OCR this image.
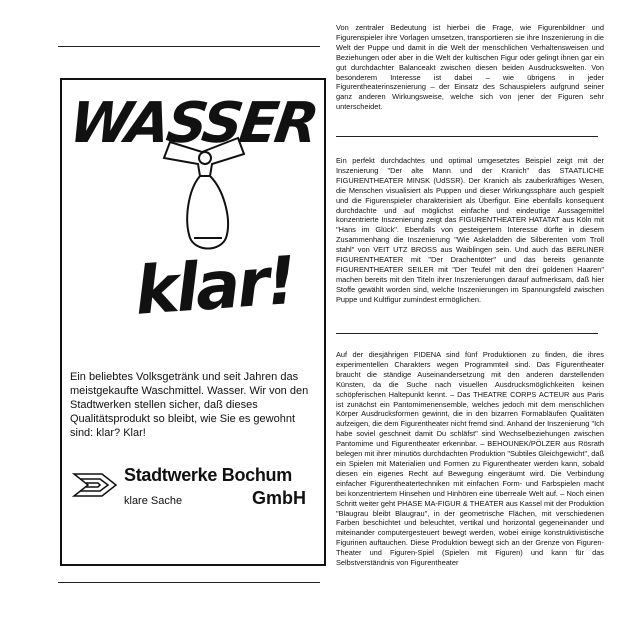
WASSER
klar!
Ein beliebtes Volksgetränk und seit Jahren das meistgekaufte Waschmittel. Wasser. Wir von den Stadtwerken stellen sicher, daß dieses Qualitätsprodukt so bleibt, wie Sie es gewohnt sind: klar? Klar!
Stadtwerke Bochum
GmbH
klare Sache
Von zentraler Bedeutung ist hierbei die Frage, wie Figurenbildner und Figurenspieler ihre Vorlagen umsetzen, transportieren sie ihre Inszenierung in die Welt der Puppe und damit in die Welt der menschlichen Verhaltensweisen und Beziehungen oder aber in die Welt der kultischen Figur oder gelingt ihnen gar ein gut durchdachter Balanceakt zwischen diesen beiden Ausdruckswelten. Von besonderem Interesse ist dabei – wie übrigens in jeder Figurentheaterinszenierung – der Einsatz des Schauspielers aufgrund seiner ganz anderen Wirkungsweise, welche sich von jener der Figuren sehr unterscheidet.
Ein perfekt durchdachtes und optimal umgesetztes Beispiel zeigt mit der Inszenierung "Der alte Mann und der Kranich" das STAATLICHE FIGURENTHEATER MINSK (UdSSR). Der Kranich als zauberkräftiges Wesen, die Menschen visualisiert als Puppen und dieser Wirkungssphäre auch gespielt und die Figurenspieler charakterisiert als Überfigur. Eine ebenfalls konsequent durchdachte und auf möglichst einfache und eindeutige Aussagemittel konzentrierte Inszenierung zeigt das FIGURENTHEATER HATATAT aus Köln mit "Hans im Glück". Ebenfalls von gesteigertem Interesse dürfte in diesem Zusammenhang die Inszenierung "Wie Askeladden die Silberenten vom Troll stahl" von VEIT UTZ BROSS aus Waiblingen sein. Und auch das BERLINER FIGURENTHEATER mit "Der Drachentöter" und das bereits genannte FIGURENTHEATER SEILER mit "Der Teufel mit den drei goldenen Haaren" machen bereits mit den Titeln ihrer Inszenierungen darauf aufmerksam, daß hier Stoffe gewählt worden sind, welche Inszenierungen im Spannungsfeld zwischen Puppe und Kultfigur zumindest ermöglichen.
Auf der diesjährigen FIDENA sind fünf Produktionen zu finden, die ihres experimentellen Charakters wegen Programmteil sind. Das Figurentheater braucht die ständige Auseinandersetzung mit den anderen darstellenden Künsten, da die Suche nach visuellen Ausdrucksmöglichkeiten keinen schöpferischen Haltepunkt kennt. – Das THEATRE CORPS ACTEUR aus Paris ist zunächst ein Pantomimenensemble, welches jedoch mit dem menschlichen Körper Ausdrucksformen gewinnt, die in den bizarren Formabläufen Qualitäten aufzeigen, die dem Figurentheater nicht fremd sind. Anhand der Inszenierung "Ich habe soviel geschneit damit Du schläfst" sind Wechselbeziehungen zwischen Pantomime und Figurentheater erkennbar. – BEHOUNEK/PÖLZER aus Rösrath belegen mit ihrer minutiös durchdachten Produktion "Subtiles Gleichgewicht", daß ein Spielen mit Materialien und Formen zu Figurentheater werden kann, sobald diesen ein eigenes Recht auf Bewegung eingeräumt wird. Die Verbindung einfacher Figurentheatertechniken mit einfachen Form- und Farbspielen macht bei konzentriertem Hinsehen und Hinhören eine überreale Welt auf. – Noch einen Schritt weiter geht PHASE MA-FIGUR & THEATER aus Kassel mit der Produktion "Blaugrau bleibt Blaugrau", in der geometrische Flächen, mit verschiedenen Farben beschichtet und beleuchtet, vertikal und horizontal gegeneinander und miteinander computergesteuert bewegt werden, wobei einige konstruktivistische Figurinen auftauchen. Diese Produktion bewegt sich an der Grenze von Figuren-Theater und Figuren-Spiel (Spielen mit Figuren) und kann für das Selbstverständnis von Figurentheater
